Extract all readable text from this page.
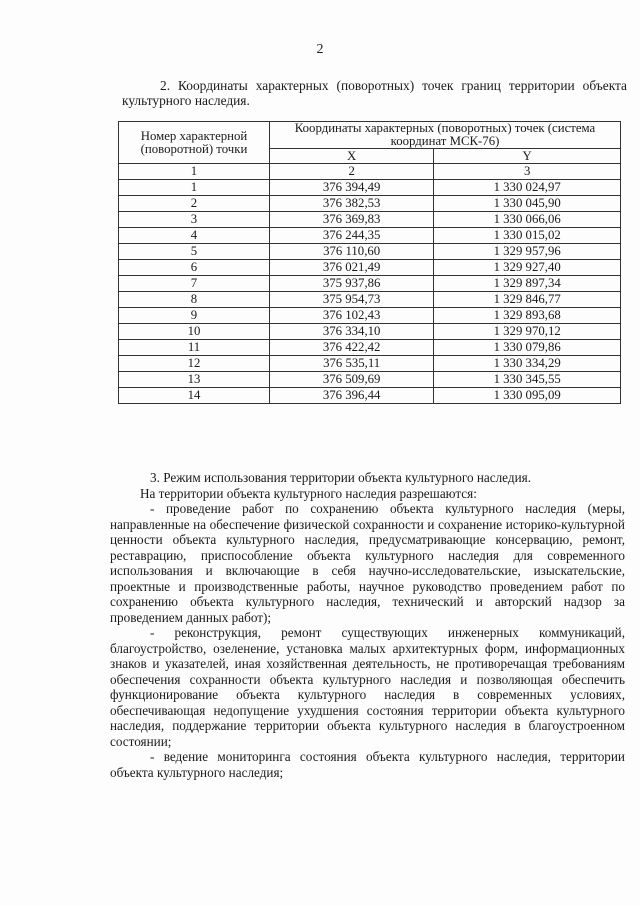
2
2. Координаты характерных (поворотных) точек границ территории объекта культурного наследия.
Номер характерной (поворотной) точки	Координаты характерных (поворотных) точек (система координат МСК-76)	
	X	Y
1	2	3
1	376 394,49	1 330 024,97
2	376 382,53	1 330 045,90
3	376 369,83	1 330 066,06
4	376 244,35	1 330 015,02
5	376 110,60	1 329 957,96
6	376 021,49	1 329 927,40
7	375 937,86	1 329 897,34
8	375 954,73	1 329 846,77
9	376 102,43	1 329 893,68
10	376 334,10	1 329 970,12
11	376 422,42	1 330 079,86
12	376 535,11	1 330 334,29
13	376 509,69	1 330 345,55
14	376 396,44	1 330 095,09

3. Режим использования территории объекта культурного наследия.

На территории объекта культурного наследия разрешаются:

- проведение работ по сохранению объекта культурного наследия (меры, направленные на обеспечение физической сохранности и сохранение историко-культурной ценности объекта культурного наследия, предусматривающие консервацию, ремонт, реставрацию, приспособление объекта культурного наследия для современного использования и включающие в себя научно-исследовательские, изыскательские, проектные и производственные работы, научное руководство проведением работ по сохранению объекта культурного наследия, технический и авторский надзор за проведением данных работ);

- реконструкция, ремонт существующих инженерных коммуникаций, благоустройство, озеленение, установка малых архитектурных форм, информационных знаков и указателей, иная хозяйственная деятельность, не противоречащая требованиям обеспечения сохранности объекта культурного наследия и позволяющая обеспечить функционирование объекта культурного наследия в современных условиях, обеспечивающая недопущение ухудшения состояния территории объекта культурного наследия, поддержание территории объекта культурного наследия в благоустроенном состоянии;

- ведение мониторинга состояния объекта культурного наследия, территории объекта культурного наследия;
